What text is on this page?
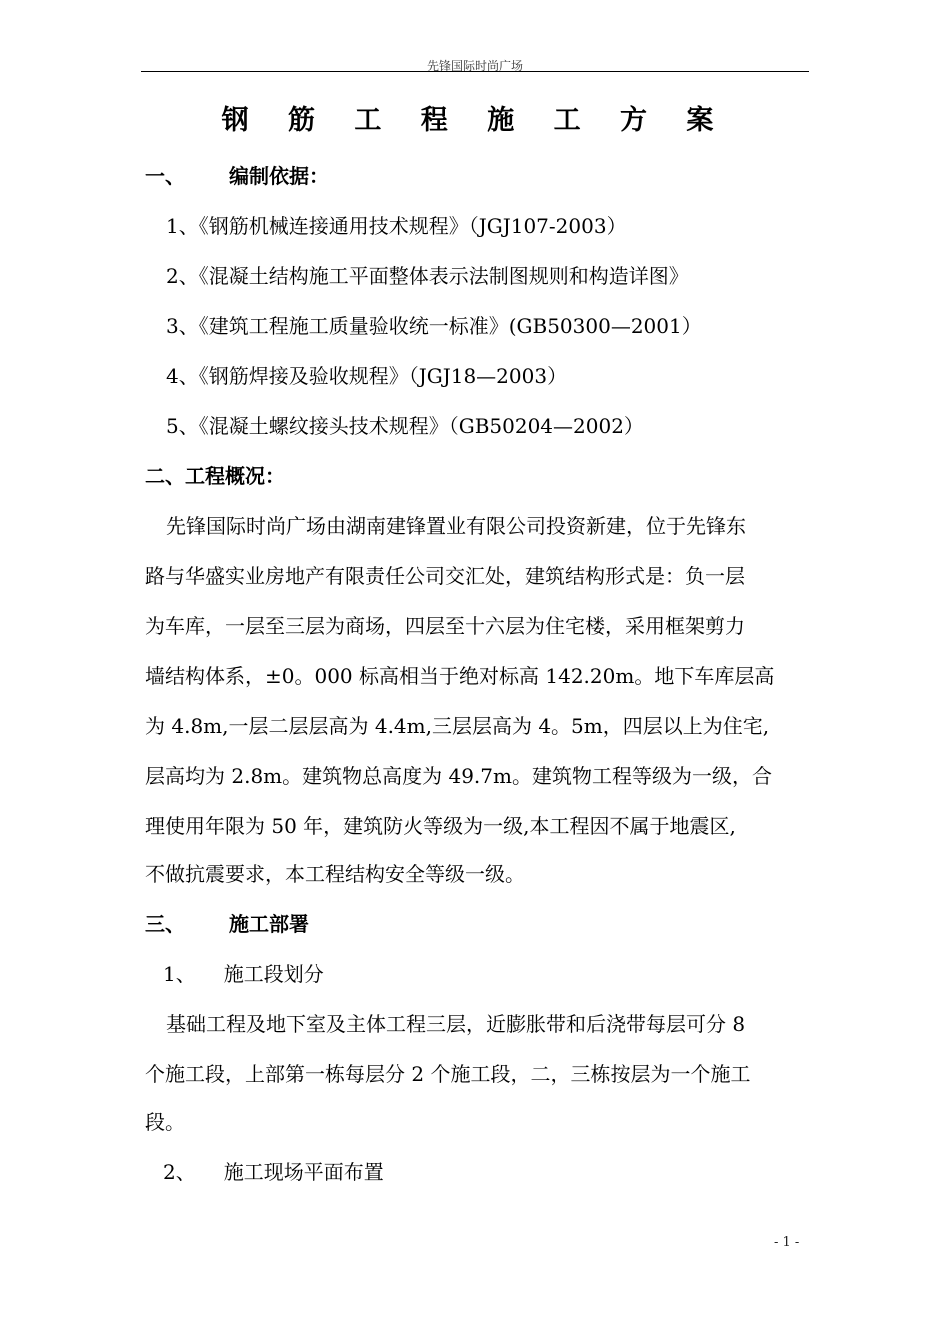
先锋国际时尚广场
钢 筋 工 程 施 工 方 案
一、 编制依据：
1、《钢筋机械连接通用技术规程》（JGJ107-2003）
2、《混凝土结构施工平面整体表示法制图规则和构造详图》
3、《建筑工程施工质量验收统一标准》(GB50300—2001）
4、《钢筋焊接及验收规程》（JGJ18—2003）
5、《混凝土螺纹接头技术规程》（GB50204—2002）
二、工程概况：
先锋国际时尚广场由湖南建锋置业有限公司投资新建，位于先锋东
路与华盛实业房地产有限责任公司交汇处，建筑结构形式是：负一层
为车库，一层至三层为商场，四层至十六层为住宅楼，采用框架剪力
墙结构体系，±0。000 标高相当于绝对标高 142.20m。地下车库层高
为 4.8m,一层二层层高为 4.4m,三层层高为 4。5m，四层以上为住宅,
层高均为 2.8m。建筑物总高度为 49.7m。建筑物工程等级为一级，合
理使用年限为 50 年，建筑防火等级为一级,本工程因不属于地震区,
不做抗震要求，本工程结构安全等级一级。
三、 施工部署
1、 施工段划分
基础工程及地下室及主体工程三层，近膨胀带和后浇带每层可分 8
个施工段，上部第一栋每层分 2 个施工段，二，三栋按层为一个施工
段。
2、 施工现场平面布置
- 1 -
